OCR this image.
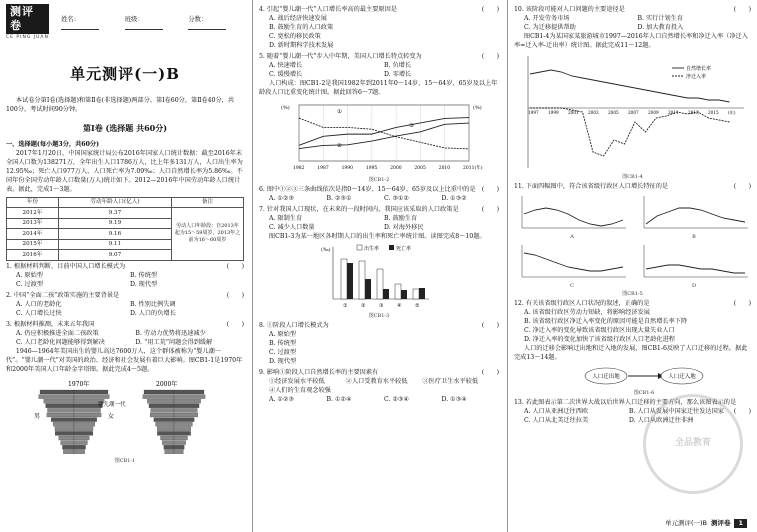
测评卷
CE PING JUAN
姓名：	班级：	分数：
单元测评(一)B

本试卷分第Ⅰ卷(选择题)和第Ⅱ卷(非选择题)两部分。第Ⅰ卷60分，第Ⅱ卷40分，共100分，考试时间90分钟。

第Ⅰ卷 (选择题 共60分)
一、选择题(每小题3分，共60分)

2017年1月20日，中国国家统计局公布2016年国家人口统计数据：截至2016年末全国人口数为138271万，全年出生人口1786万人，比上年多131万人，人口出生率为12.95‰；死亡人口977万人，人口死亡率为7.09‰；人口自然增长率为5.86‰。不同年份全国劳动年龄人口数量(万人)统计如下。2012—2016年中国劳动年龄人口统计表。据此，完成1～3题。

年份	劳动年龄人口(亿人)	备注
2012年	9.37	劳动人口年龄段：自2013年起为15～59周岁，2013年之前为16～60周岁
2013年	9.19	
2014年	9.16	
2015年	9.11	
2016年	9.07	
1. 根据材料判断，目前中国人口增长模式为	(　　)
A. 原始型	B. 传统型
C. 过渡型	D. 现代型
2. 中国“全面二孩”政策实施的主要背景是	(　　)
A. 人口的老龄化	B. 性别比例失调
C. 人口增长过快	D. 人口的负增长
3. 根据材料推测，未来五年我国	(　　)
A. 仍应积极推进全面二孩政策	B. 劳动力优势将迅速减少
C. 人口老龄化问题能够得到解决	D. “用工荒”问题会得到缓解

1946—1964年美国出生的婴儿高达7600万人，这个群体被称为“婴儿潮一代”。“婴儿潮一代”对美国的政治、经济和社会发展有着巨大影响。图CB1-1是1970年和2000年美国人口年龄金字塔图。据此完成4～5题。

1970年	2000年
婴儿潮一代
男	女
图CB1-1
4. 引起“婴儿潮一代”人口增长率高的最主要原因是	(　　)
A. 战后经济快速发展
B. 鼓励生育的人口政策
C. 宽松的移民政策
D. 新时期科学技术发展
5. 随着“婴儿潮一代”步入中年期，美国人口增长特点转变为	(　　)
A. 快速增长	B. 负增长
C. 缓慢增长	D. 零增长

人口构成：图CB1-2是我国1982年到2011年0～14岁、15～64岁、65岁及以上年龄段人口比重变化统计图。据此回答6～7题。

(%)	(%)
①
②
③
1982	1987	1990	1995	2000	2005	2010	2011(年)
图CB1-2
6. 图中①②③三条曲线依次是指0～14岁、15～64岁、65岁及以上比重中的是 (　　)
A. ①②③	B. ②③①	C. ③①②	D. ①③②
7. 针对我国人口现状，在未来的一段时间内，我国应该采取的人口政策是	(　　)
A. 限制生育	B. 鼓励生育
C. 减少人口数量	D. 对海外移民

图CB1-3为某一地区各时期人口的出生率和死亡率统计图。读图完成8～10题。

出生率	死亡率
(‰)
①	②	③	④	⑤
图CB1-3
8. ①阶段人口增长模式为	(　　)
A. 原始型
B. 传统型
C. 过渡型
D. 现代型
9. 影响①阶段人口自然增长率的主要因素有	(　　)
①经济发展水平较低	②人口受教育水平较低	③医疗卫生水平较低
④人们的生育观念较强
A. ①②③	B. ①②④	C. ②③④	D. ①③④
10. 该阶段可能对人口问题的主要途径是	(　　)
A. 开发劳务市场	B. 实行计划生育
C. 为迁移提供帮助	D. 加大教育投入

图CB1-4为某国家某旅游城市1997—2016年人口自然增长率和净迁入率（净迁入率=迁入率-迁出率）统计图。据此完成11～12题。

自然增长率
净迁入率
1997 1999 2001 2003 2005 2007 2009 2011 2013 2015 (年)
图CB1-4
11. 下面四幅图中，符合该省级行政区人口增长特征的是	(　　)
A	B
C	D
图CB1-5
12. 有关该省级行政区人口状况的叙述，正确的是	(　　)
A. 该省级行政区劳动力短缺，将影响经济发展
B. 该省级行政区净迁入率变化的原因可能是自然增长率下降
C. 净迁入率的变化导致该省级行政区出现大量失业人口
D. 净迁入率的变化加快了该省级行政区人口老龄化进程

人口的迁移会影响迁出地和迁入地的发展，图CB1-6反映了人口迁移的过程。据此完成13～14题。

人口迁出地	人口迁入地
图CB1-6
13. 若此图表示第二次世界大战以后世界人口迁移的主要方向，那么该图表示的是
(　　)
A. 人口从亚洲迁往西欧	B. 人口从发展中国家迁往发达国家
C. 人口从北美迁往拉美	D. 人口从欧洲迁往非洲
全品教育
单元测评(一)B 测评卷	1
